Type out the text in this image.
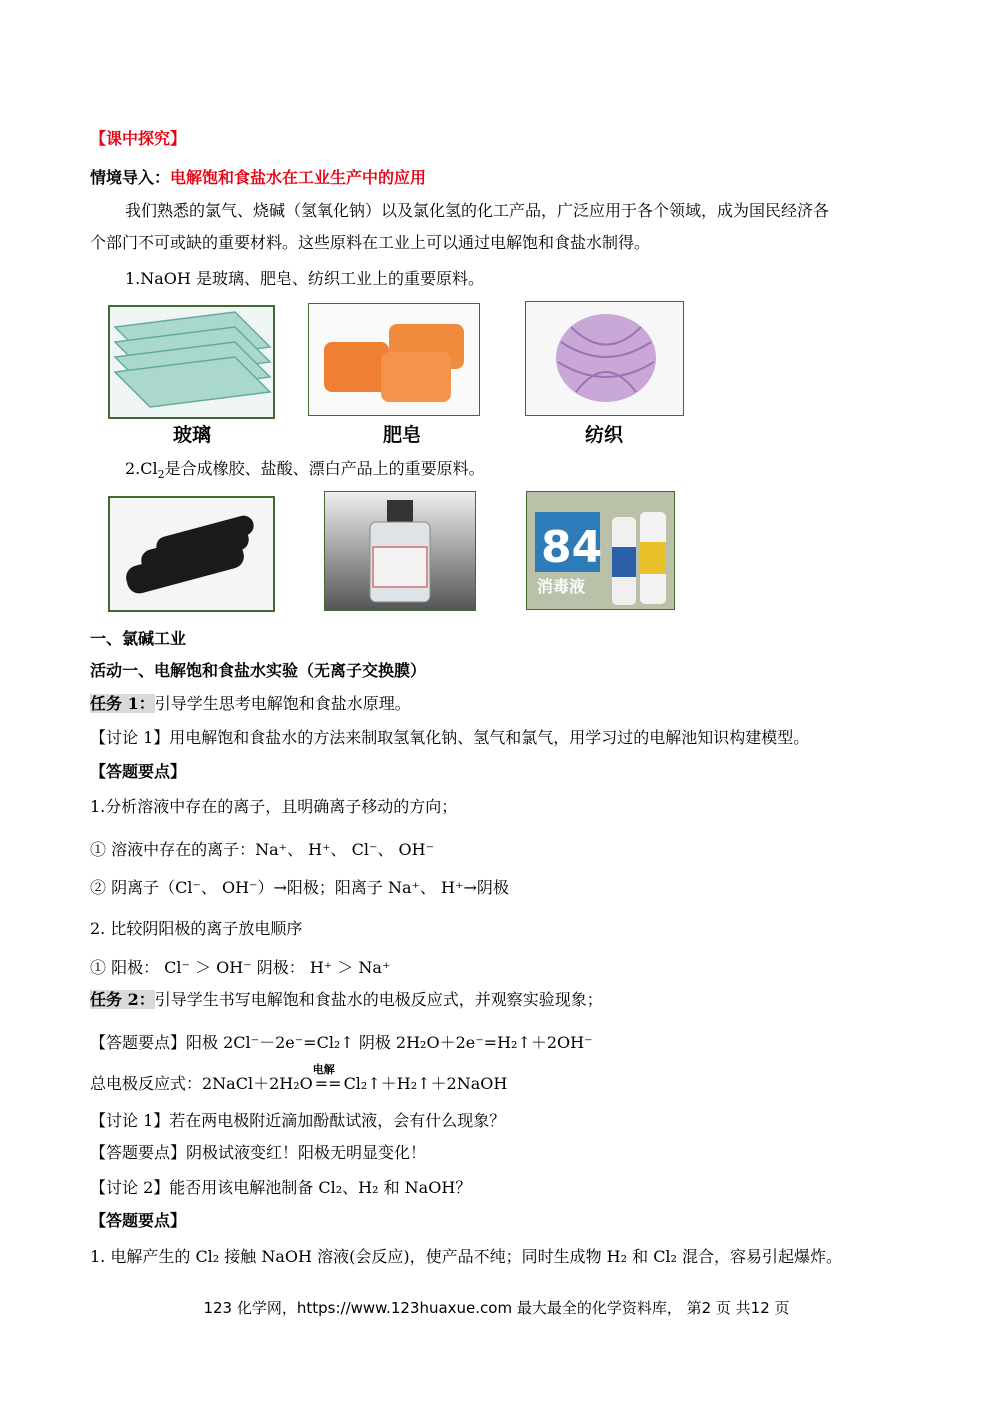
【课中探究】
情境导入：电解饱和食盐水在工业生产中的应用
我们熟悉的氯气、烧碱（氢氧化钠）以及氯化氢的化工产品，广泛应用于各个领域，成为国民经济各
个部门不可或缺的重要材料。这些原料在工业上可以通过电解饱和食盐水制得。
1.NaOH 是玻璃、肥皂、纺织工业上的重要原料。
玻璃	肥皂	纺织
$2.Cl_2$是合成橡胶、盐酸、漂白产品上的重要原料。
84
消毒液
一、氯碱工业
活动一、电解饱和食盐水实验（无离子交换膜）
任务 1：引导学生思考电解饱和食盐水原理。
【讨论 1】用电解饱和食盐水的方法来制取氢氧化钠、氢气和氯气，用学习过的电解池知识构建模型。
【答题要点】
1.分析溶液中存在的离子，且明确离子移动的方向；
① 溶液中存在的离子：Na⁺、 H⁺、 Cl⁻、 OH⁻
② 阴离子（Cl⁻、 OH⁻）→阳极；阳离子 Na⁺、 H⁺→阴极
2. 比较阴阳极的离子放电顺序
① 阳极： Cl⁻ ＞ OH⁻ 阴极： H⁺ ＞ Na⁺
任务 2：引导学生书写电解饱和食盐水的电极反应式，并观察实验现象；
【答题要点】阳极 2Cl⁻－2e⁻=Cl₂↑ 阴极 2H₂O＋2e⁻=H₂↑＋2OH⁻
总电极反应式：2NaCl＋2H₂O
电解
== Cl₂↑＋H₂↑＋2NaOH
【讨论 1】若在两电极附近滴加酚酞试液，会有什么现象？
【答题要点】阴极试液变红！阳极无明显变化！
【讨论 2】能否用该电解池制备 Cl₂、H₂ 和 NaOH？
【答题要点】
1. 电解产生的 Cl₂ 接触 NaOH 溶液(会反应)，使产品不纯；同时生成物 H₂ 和 Cl₂ 混合，容易引起爆炸。
123 化学网，https://www.123huaxue.com 最大最全的化学资料库， 第2 页 共12 页
